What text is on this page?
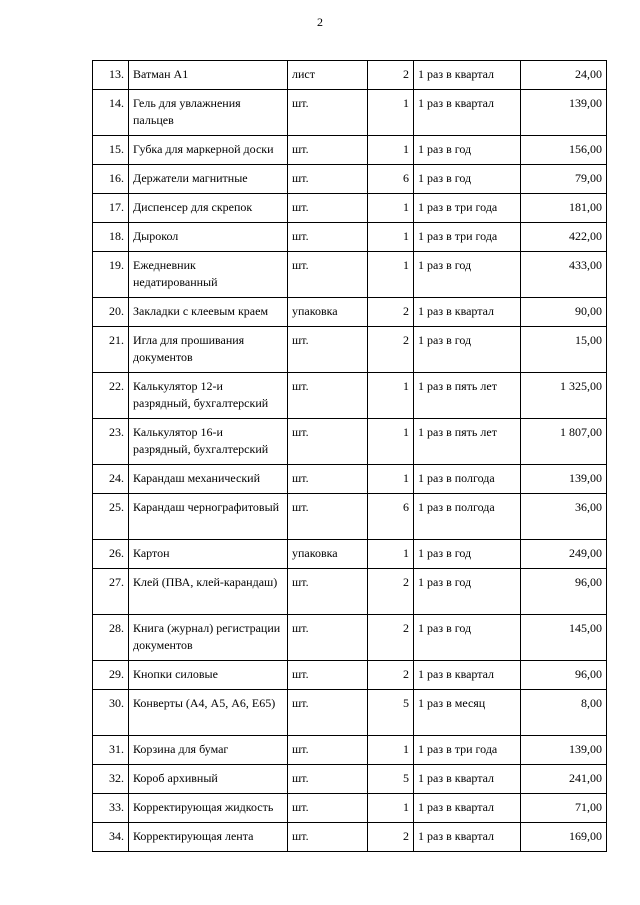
2
13.	Ватман А1	лист	2	1 раз в квартал	24,00
14.	Гель для увлажнения пальцев	шт.	1	1 раз в квартал	139,00
15.	Губка для маркерной доски	шт.	1	1 раз в год	156,00
16.	Держатели магнитные	шт.	6	1 раз в год	79,00
17.	Диспенсер для скрепок	шт.	1	1 раз в три года	181,00
18.	Дырокол	шт.	1	1 раз в три года	422,00
19.	Ежедневник недатированный	шт.	1	1 раз в год	433,00
20.	Закладки с клеевым краем	упаковка	2	1 раз в квартал	90,00
21.	Игла для прошивания документов	шт.	2	1 раз в год	15,00
22.	Калькулятор 12-и разрядный, бухгалтерский	шт.	1	1 раз в пять лет	1 325,00
23.	Калькулятор 16-и разрядный, бухгалтерский	шт.	1	1 раз в пять лет	1 807,00
24.	Карандаш механический	шт.	1	1 раз в полгода	139,00
25.	Карандаш чернографитовый	шт.	6	1 раз в полгода	36,00
26.	Картон	упаковка	1	1 раз в год	249,00
27.	Клей (ПВА, клей-карандаш)	шт.	2	1 раз в год	96,00
28.	Книга (журнал) регистрации документов	шт.	2	1 раз в год	145,00
29.	Кнопки силовые	шт.	2	1 раз в квартал	96,00
30.	Конверты (А4, А5, А6, Е65)	шт.	5	1 раз в месяц	8,00
31.	Корзина для бумаг	шт.	1	1 раз в три года	139,00
32.	Короб архивный	шт.	5	1 раз в квартал	241,00
33.	Корректирующая жидкость	шт.	1	1 раз в квартал	71,00
34.	Корректирующая лента	шт.	2	1 раз в квартал	169,00
